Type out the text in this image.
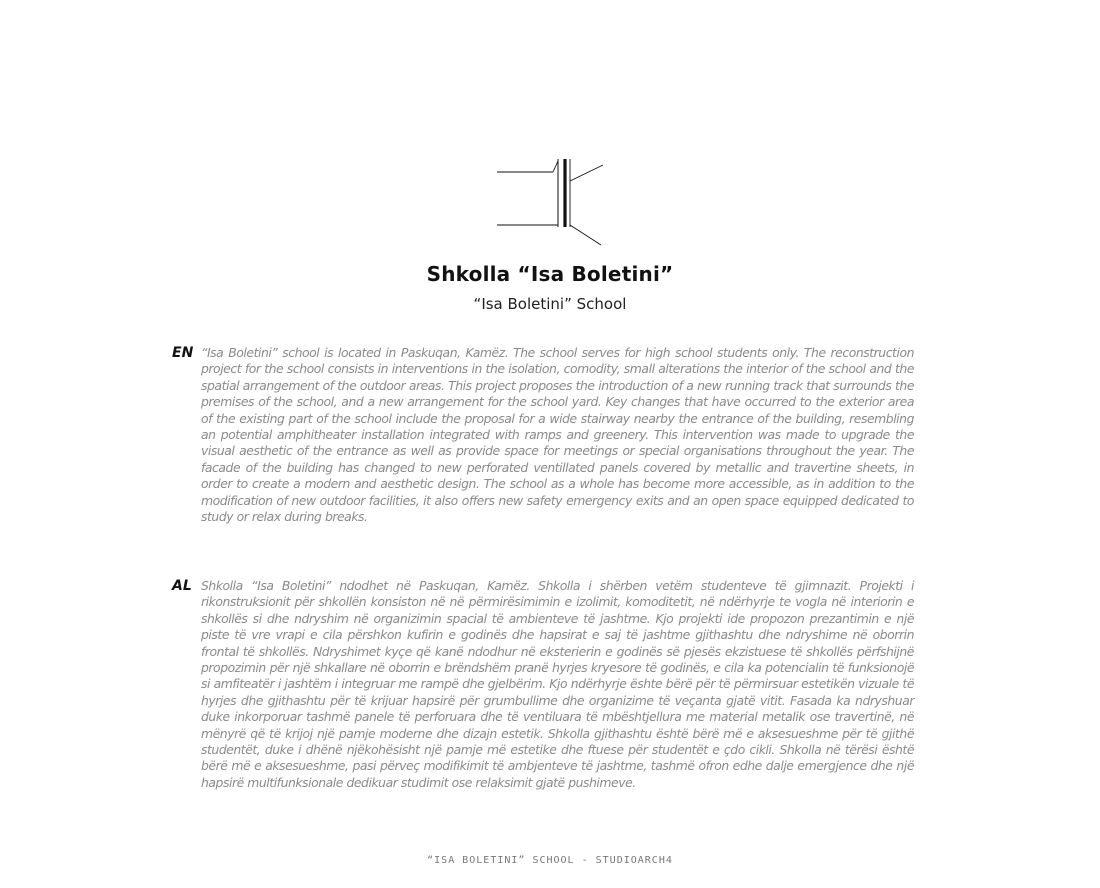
Shkolla “Isa Boletini”
“Isa Boletini” School
EN “Isa Boletini” school is located in Paskuqan, Kamëz. The school serves for high school students only. The reconstruction project for the school consists in interventions in the isolation, comodity, small alterations the interior of the school and the spatial arrangement of the outdoor areas. This project proposes the introduction of a new running track that surrounds the premises of the school, and a new arrangement for the school yard. Key changes that have occurred to the exterior area of the existing part of the school include the proposal for a wide stairway nearby the entrance of the building, resembling an potential amphitheater installation integrated with ramps and greenery. This intervention was made to upgrade the visual aesthetic of the entrance as well as provide space for meetings or special organisations throughout the year. The facade of the building has changed to new perforated ventillated panels covered by metallic and travertine sheets, in order to create a modern and aesthetic design. The school as a whole has become more accessible, as in addition to the modification of new outdoor facilities, it also offers new safety emergency exits and an open space equipped dedicated to study or relax during breaks.
AL Shkolla “Isa Boletini” ndodhet në Paskuqan, Kamëz. Shkolla i shërben vetëm studenteve të gjimnazit. Projekti i rikonstruksionit për shkollën konsiston në në përmirësimimin e izolimit, komoditetit, në ndërhyrje te vogla në interiorin e shkollës si dhe ndryshim në organizimin spacial të ambienteve të jashtme. Kjo projekti ide propozon prezantimin e një piste të vre vrapi e cila përshkon kufirin e godinës dhe hapsirat e saj të jashtme gjithashtu dhe ndryshime në oborrin frontal të shkollës. Ndryshimet kyçe që kanë ndodhur në eksterierin e godinës së pjesës ekzistuese të shkollës përfshijnë propozimin për një shkallare në oborrin e brëndshëm pranë hyrjes kryesore të godinës, e cila ka potencialin të funksionojë si amfiteatër i jashtëm i integruar me rampë dhe gjelbërim. Kjo ndërhyrje ështe bërë për të përmirsuar estetikën vizuale të hyrjes dhe gjithashtu për të krijuar hapsirë për grumbullime dhe organizime të veçanta gjatë vitit. Fasada ka ndryshuar duke inkorporuar tashmë panele të perforuara dhe të ventiluara të mbështjellura me material metalik ose travertinë, në mënyrë që të krijoj një pamje moderne dhe dizajn estetik. Shkolla gjithashtu është bërë më e aksesueshme për të gjithë studentët, duke i dhënë njëkohësisht një pamje më estetike dhe ftuese për studentët e çdo cikli. Shkolla në tërësi është bërë më e aksesueshme, pasi përveç modifikimit të ambjenteve të jashtme, tashmë ofron edhe dalje emergjence dhe një hapsirë multifunksionale dedikuar studimit ose relaksimit gjatë pushimeve.
“ISA BOLETINI” SCHOOL - STUDIOARCH4
